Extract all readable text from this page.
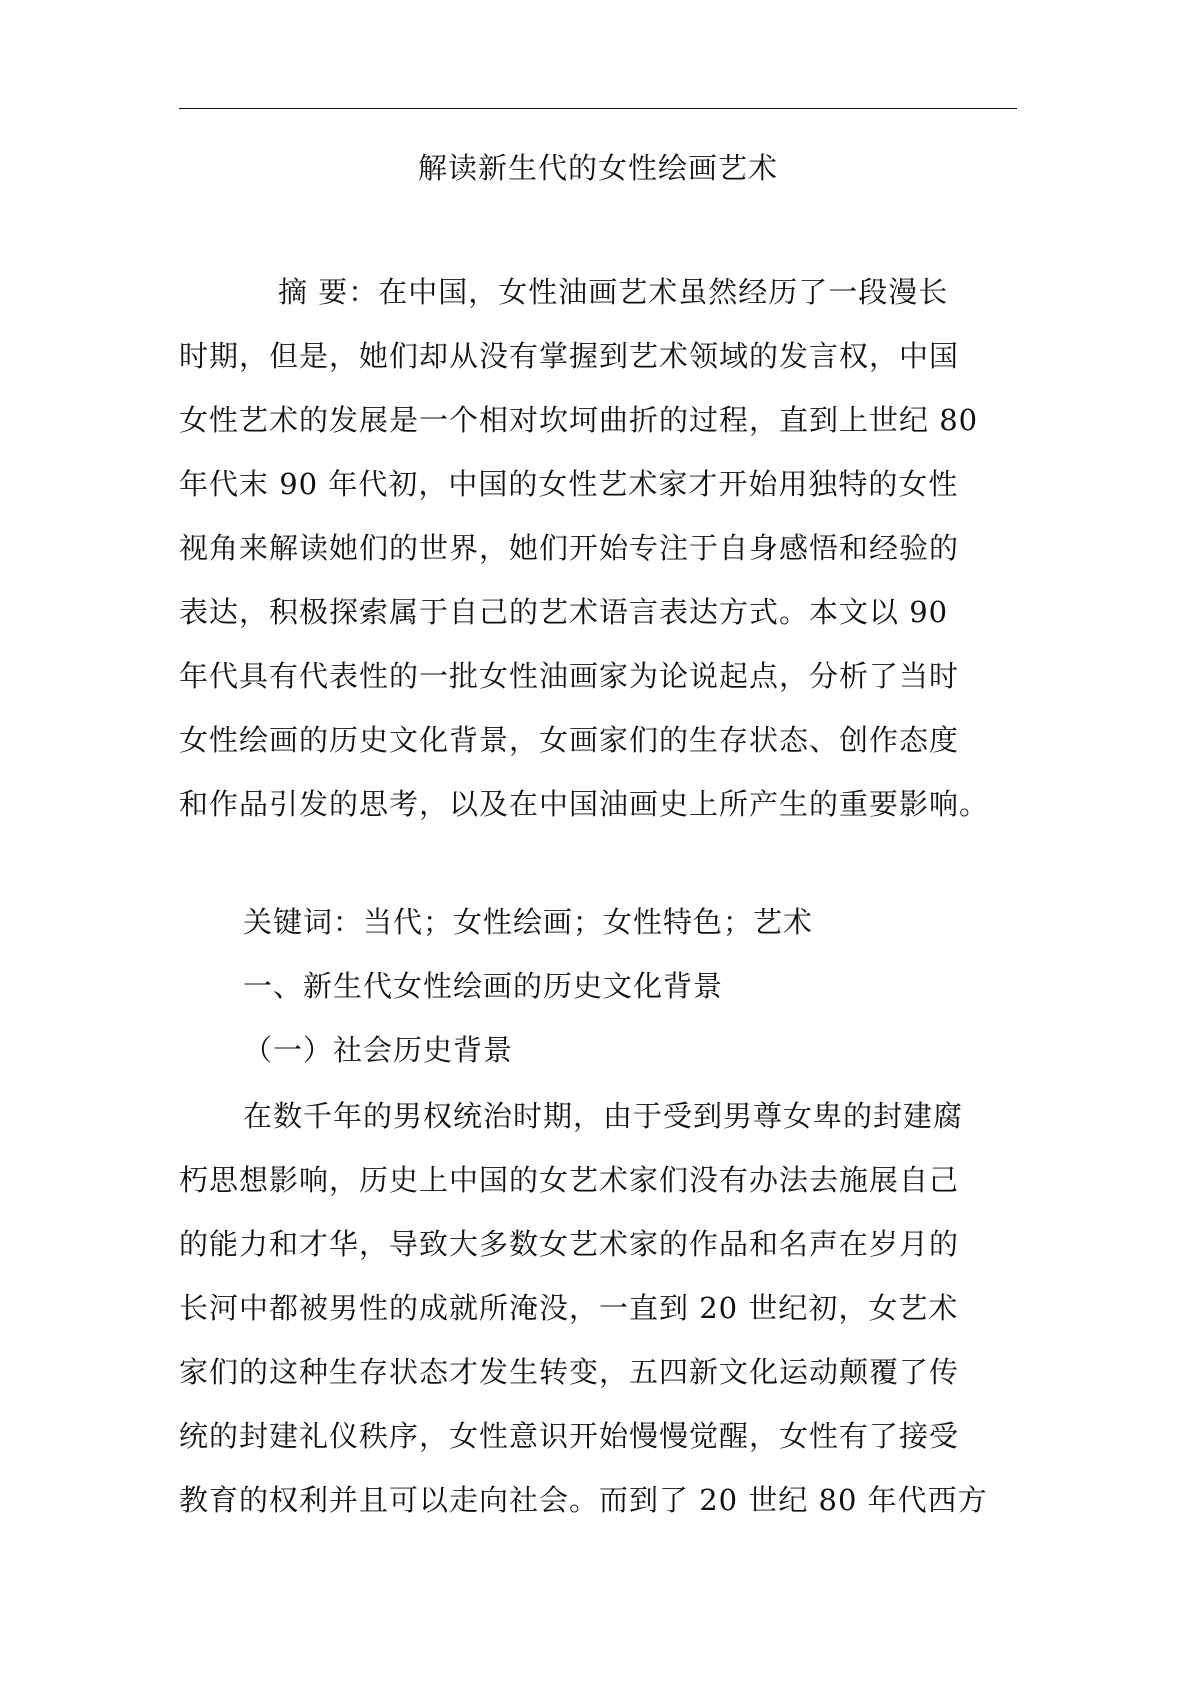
解读新生代的女性绘画艺术
摘 要：在中国，女性油画艺术虽然经历了一段漫长
时期，但是，她们却从没有掌握到艺术领域的发言权，中国
女性艺术的发展是一个相对坎坷曲折的过程，直到上世纪 80
年代末 90 年代初，中国的女性艺术家才开始用独特的女性
视角来解读她们的世界，她们开始专注于自身感悟和经验的
表达，积极探索属于自己的艺术语言表达方式。本文以 90
年代具有代表性的一批女性油画家为论说起点，分析了当时
女性绘画的历史文化背景，女画家们的生存状态、创作态度
和作品引发的思考，以及在中国油画史上所产生的重要影响。
关键词：当代；女性绘画；女性特色；艺术
一、新生代女性绘画的历史文化背景
（一）社会历史背景
在数千年的男权统治时期，由于受到男尊女卑的封建腐
朽思想影响，历史上中国的女艺术家们没有办法去施展自己
的能力和才华，导致大多数女艺术家的作品和名声在岁月的
长河中都被男性的成就所淹没，一直到 20 世纪初，女艺术
家们的这种生存状态才发生转变，五四新文化运动颠覆了传
统的封建礼仪秩序，女性意识开始慢慢觉醒，女性有了接受
教育的权利并且可以走向社会。而到了 20 世纪 80 年代西方
